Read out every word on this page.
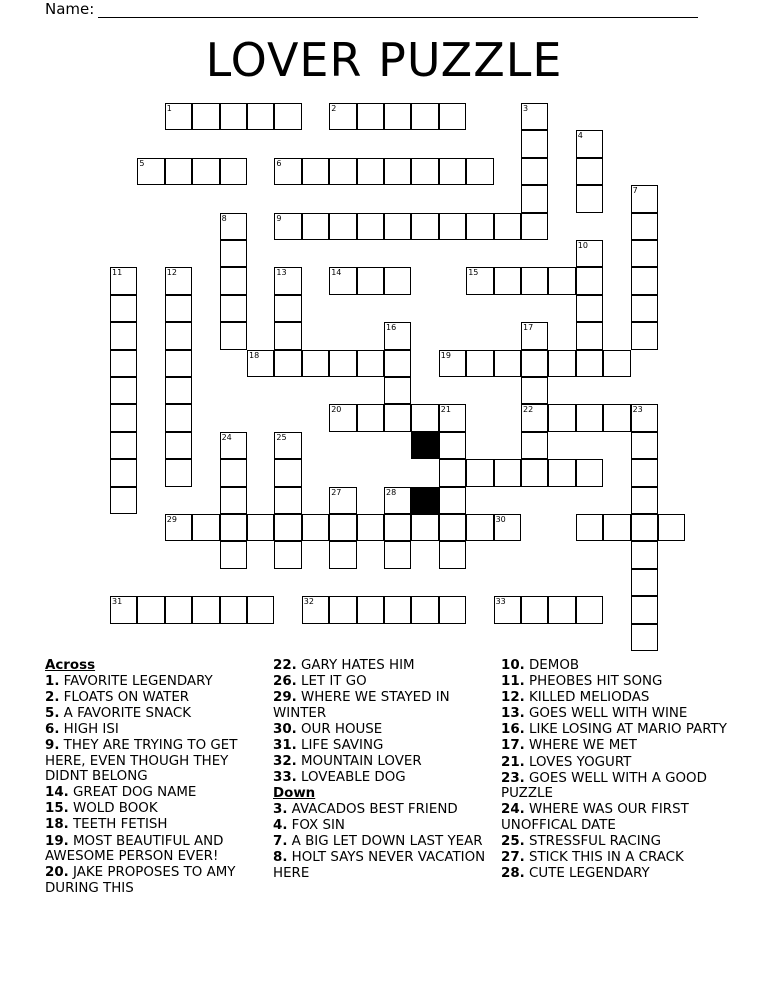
Name:
LOVER PUZZLE
1	2	3
4
5	6
7
8	9
10
11	12	13	14	15
16	17
18	19
20	21	22	23
24	25
27	28
29	30
31	32	33
Across
1. FAVORITE LEGENDARY
2. FLOATS ON WATER
5. A FAVORITE SNACK
6. HIGH ISI
9. THEY ARE TRYING TO GET HERE, EVEN THOUGH THEY DIDNT BELONG
14. GREAT DOG NAME
15. WOLD BOOK
18. TEETH FETISH
19. MOST BEAUTIFUL AND AWESOME PERSON EVER!
20. JAKE PROPOSES TO AMY DURING THIS
22. GARY HATES HIM
26. LET IT GO
29. WHERE WE STAYED IN WINTER
30. OUR HOUSE
31. LIFE SAVING
32. MOUNTAIN LOVER
33. LOVEABLE DOG
Down
3. AVACADOS BEST FRIEND
4. FOX SIN
7. A BIG LET DOWN LAST YEAR
8. HOLT SAYS NEVER VACATION HERE
10. DEMOB
11. PHEOBES HIT SONG
12. KILLED MELIODAS
13. GOES WELL WITH WINE
16. LIKE LOSING AT MARIO PARTY
17. WHERE WE MET
21. LOVES YOGURT
23. GOES WELL WITH A GOOD PUZZLE
24. WHERE WAS OUR FIRST UNOFFICAL DATE
25. STRESSFUL RACING
27. STICK THIS IN A CRACK
28. CUTE LEGENDARY
